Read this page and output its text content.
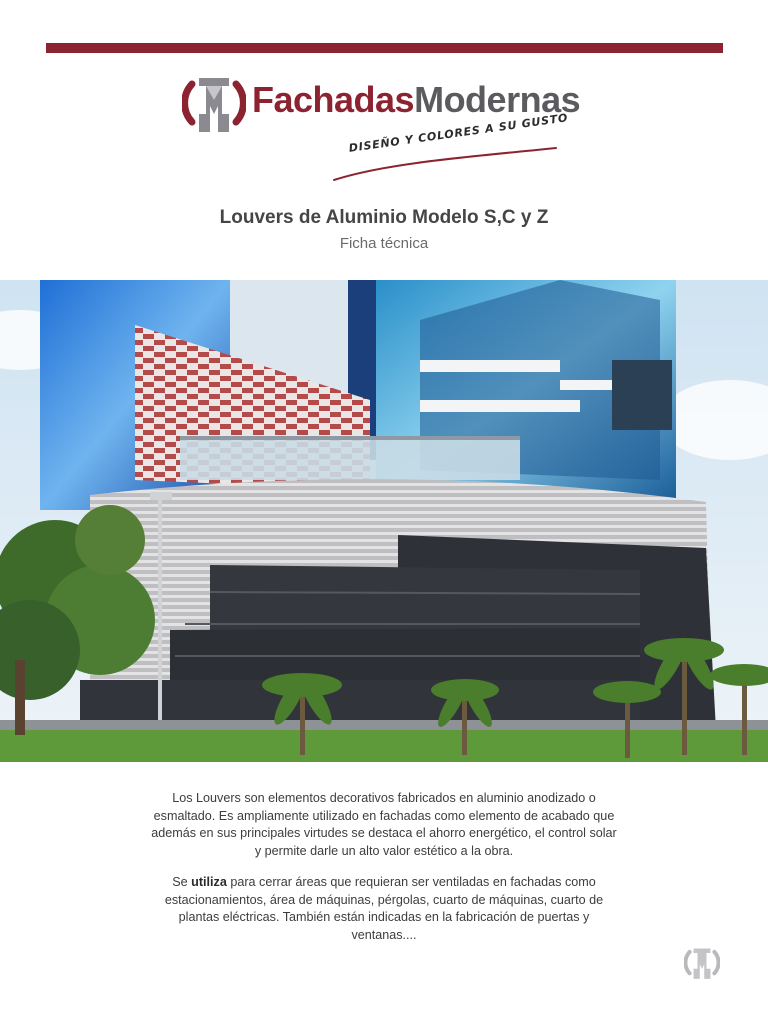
FachadasModernas
DISEÑO Y COLORES A SU GUSTO
Louvers de Aluminio Modelo S,C y Z
Ficha técnica
Los Louvers son elementos decorativos fabricados en aluminio anodizado o esmaltado. Es ampliamente utilizado en fachadas como elemento de acabado que además en sus principales virtudes se destaca el ahorro energético, el control solar y permite darle un alto valor estético a la obra.
Se utiliza para cerrar áreas que requieran ser ventiladas en fachadas como estacionamientos, área de máquinas, pérgolas, cuarto de máquinas, cuarto de plantas eléctricas. También están indicadas en la fabricación de puertas y ventanas....
